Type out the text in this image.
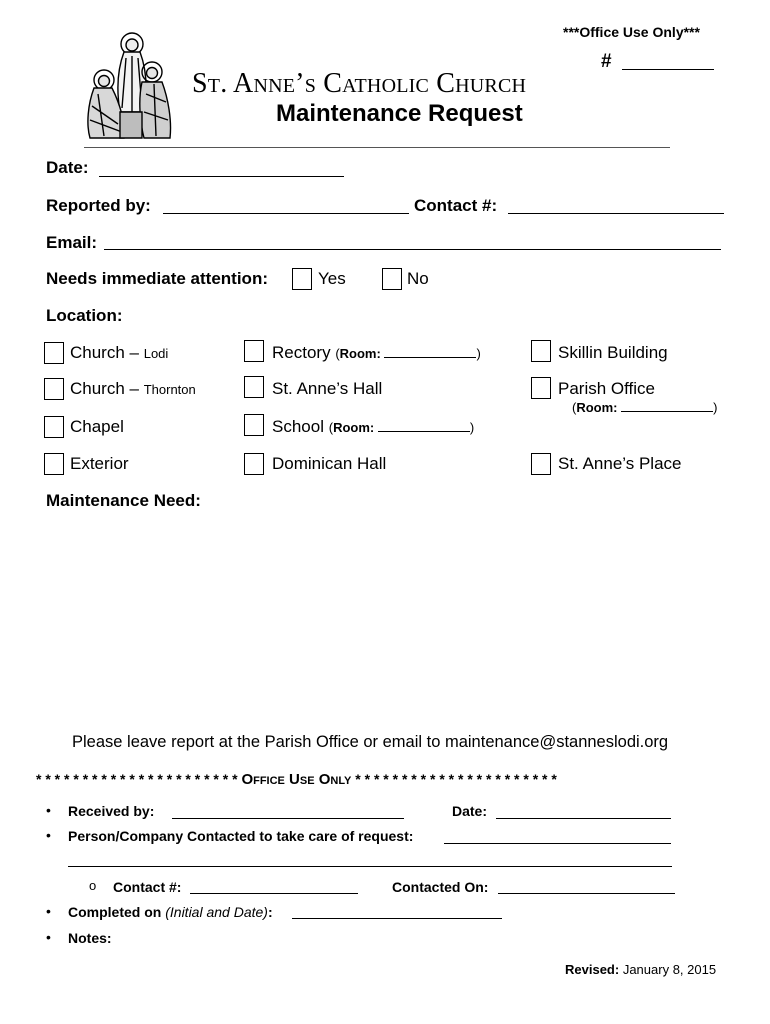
***Office Use Only***
#
St. Anne’s Catholic Church
Maintenance Request
Date:
Reported by:	Contact #:
Email:
Needs immediate attention:	Yes	No
Location:
Church – Lodi
Church – Thornton
Chapel
Exterior
Rectory (Room:	)
St. Anne’s Hall
School (Room:	)
Dominican Hall
Skillin Building
Parish Office
(Room:	)
St. Anne’s Place
Maintenance Need:
Please leave report at the Parish Office or email to maintenance@stanneslodi.org
* * * * * * * * * * * * * * * * * * * * * * Office Use Only * * * * * * * * * * * * * * * * * * * * * *
• Received by:	Date:
• Person/Company Contacted to take care of request:
o Contact #:	Contacted On:
• Completed on (Initial and Date):
• Notes:
Revised: January 8, 2015
